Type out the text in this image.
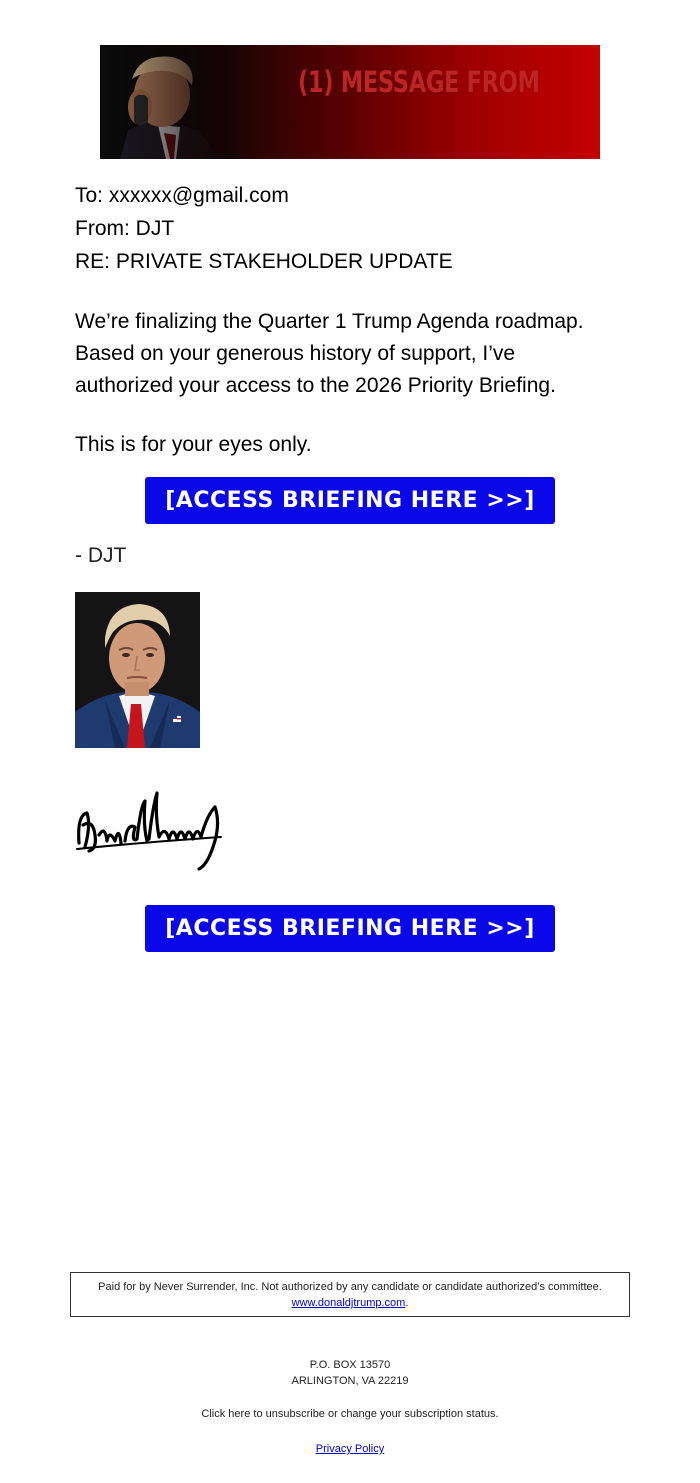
(1) MESSAGE FROM
To: xxxxxx@gmail.com
From: DJT
RE: PRIVATE STAKEHOLDER UPDATE
We’re finalizing the Quarter 1 Trump Agenda roadmap.
Based on your generous history of support, I’ve
authorized your access to the 2026 Priority Briefing.
This is for your eyes only.
[ACCESS BRIEFING HERE >>]
- DJT
[ACCESS BRIEFING HERE >>]
Paid for by Never Surrender, Inc. Not authorized by any candidate or candidate authorized’s committee.
www.donaldjtrump.com.
P.O. BOX 13570
ARLINGTON, VA 22219
Click here to unsubscribe or change your subscription status.
Privacy Policy
